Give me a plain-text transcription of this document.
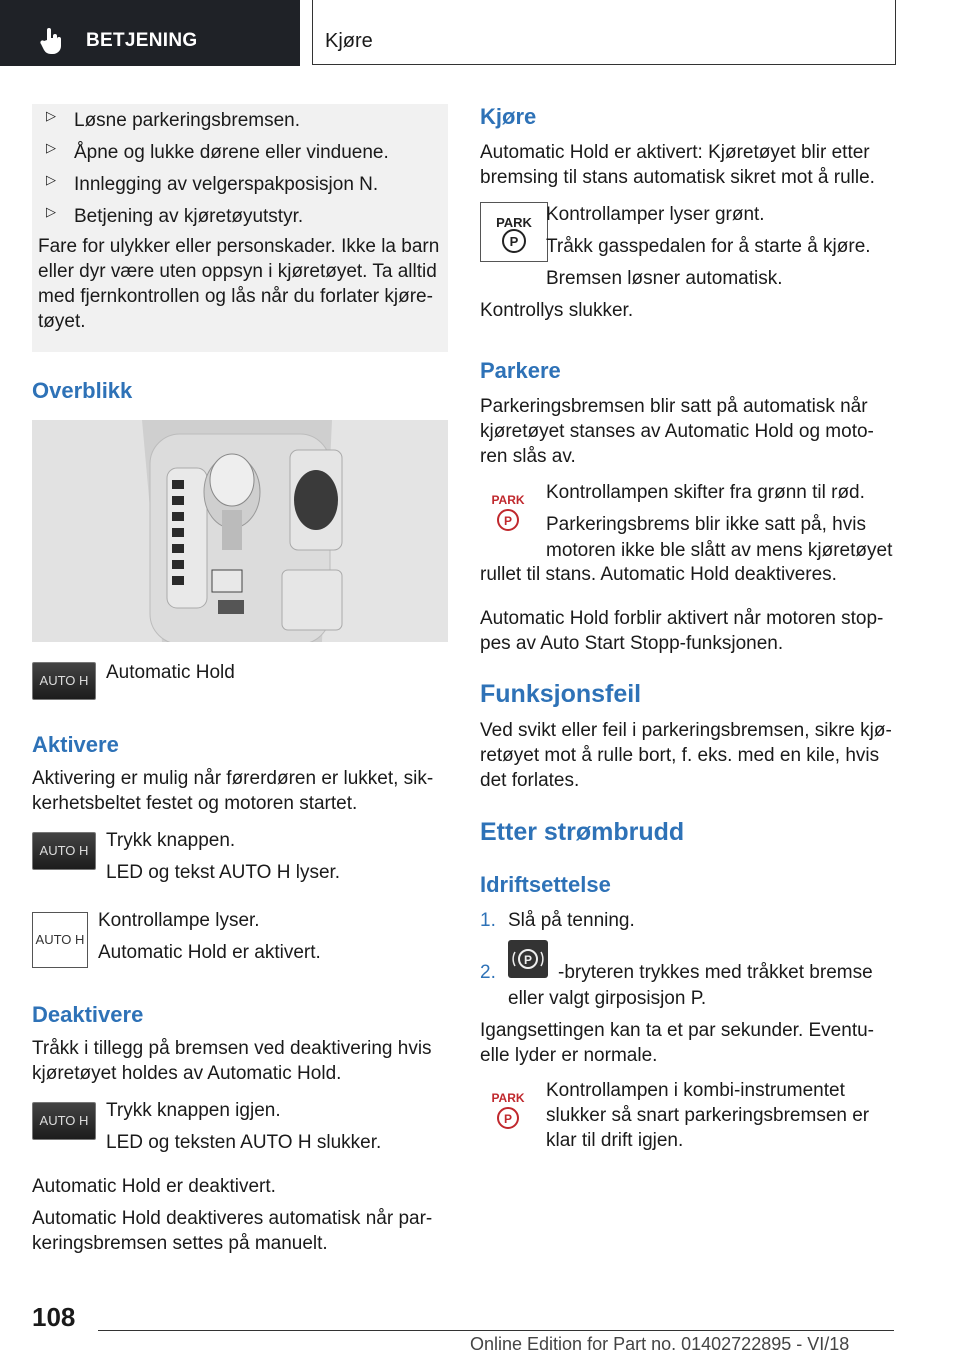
BETJENING	Kjøre
▷ Løsne parkeringsbremsen.
▷ Åpne og lukke dørene eller vinduene.
▷ Innlegging av velgerspakposisjon N.
▷ Betjening av kjøretøyutstyr.
Fare for ulykker eller personskader. Ikke la barn
eller dyr være uten oppsyn i kjøretøyet. Ta alltid
med fjernkontrollen og lås når du forlater kjøre-
tøyet.
Overblikk
AUTO H Automatic Hold
Aktivere
Aktivering er mulig når førerdøren er lukket, sik-
kerhetsbeltet festet og motoren startet.
AUTO H Trykk knappen.
LED og tekst AUTO H lyser.
AUTO H
Kontrollampe lyser.
Automatic Hold er aktivert.
Deaktivere
Tråkk i tillegg på bremsen ved deaktivering hvis
kjøretøyet holdes av Automatic Hold.
AUTO H Trykk knappen igjen.
LED og teksten AUTO H slukker.
Automatic Hold er deaktivert.
Automatic Hold deaktiveres automatisk når par-
keringsbremsen settes på manuelt.
Kjøre
Automatic Hold er aktivert: Kjøretøyet blir etter
bremsing til stans automatisk sikret mot å rulle.
PARK
P
Kontrollamper lyser grønt.
Tråkk gasspedalen for å starte å kjøre.
Bremsen løsner automatisk.
Kontrollys slukker.
Parkere
Parkeringsbremsen blir satt på automatisk når
kjøretøyet stanses av Automatic Hold og moto-
ren slås av.
PARK
P
Kontrollampen skifter fra grønn til rød.
Parkeringsbrems blir ikke satt på, hvis
motoren ikke ble slått av mens kjøretøyet
rullet til stans. Automatic Hold deaktiveres.
Automatic Hold forblir aktivert når motoren stop-
pes av Auto Start Stopp-funksjonen.
Funksjonsfeil
Ved svikt eller feil i parkeringsbremsen, sikre kjø-
retøyet mot å rulle bort, f. eks. med en kile, hvis
det forlates.
Etter strømbrudd
Idriftsettelse
1. Slå på tenning.
2.
P
-bryteren trykkes med tråkket bremse
eller valgt girposisjon P.
Igangsettingen kan ta et par sekunder. Eventu-
elle lyder er normale.
PARK
P
Kontrollampen i kombi-instrumentet
slukker så snart parkeringsbremsen er
klar til drift igjen.
108
Online Edition for Part no. 01402722895 - VI/18
